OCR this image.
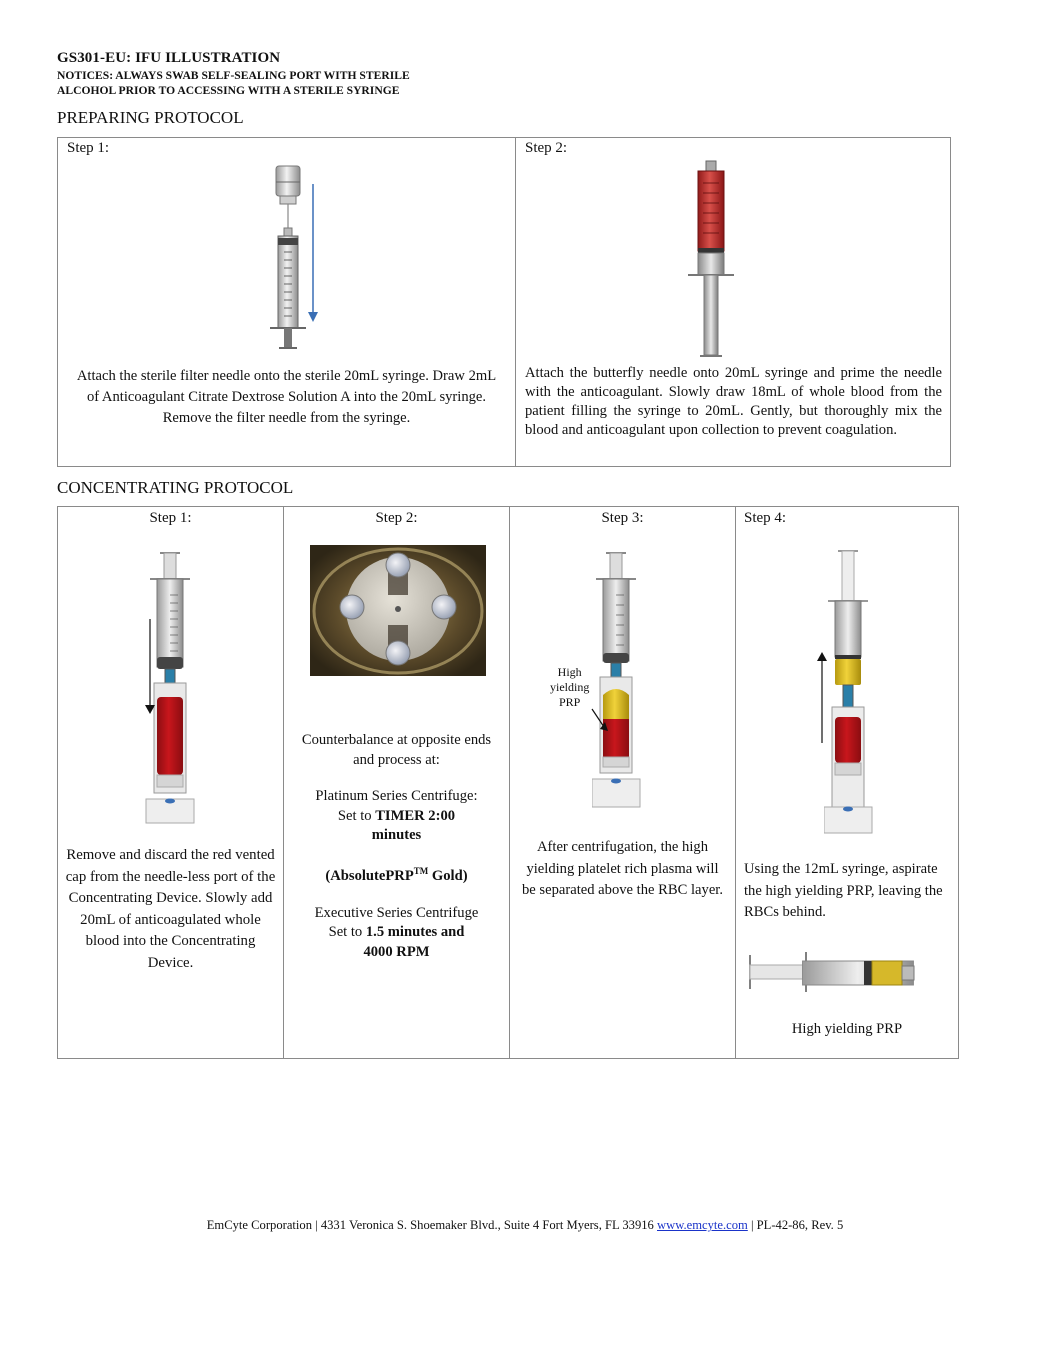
GS301-EU: IFU ILLUSTRATION
NOTICES: ALWAYS SWAB SELF-SEALING PORT WITH STERILE
ALCOHOL PRIOR TO ACCESSING WITH A STERILE SYRINGE
PREPARING PROTOCOL
Step 1:
Attach the sterile filter needle onto the sterile 20mL syringe. Draw 2mL of Anticoagulant Citrate Dextrose Solution A into the 20mL syringe. Remove the filter needle from the syringe.

Step 2:
Attach the butterfly needle onto 20mL syringe and prime the needle with the anticoagulant. Slowly draw 18mL of whole blood from the patient filling the syringe to 20mL. Gently, but thoroughly mix the blood and anticoagulant upon collection to prevent coagulation.
CONCENTRATING PROTOCOL
Step 1:
Remove and discard the red vented cap from the needle-less port of the Concentrating Device. Slowly add 20mL of anticoagulated whole blood into the Concentrating Device.

Step 2:
Counterbalance at opposite ends and process at:
Platinum Series Centrifuge:
Set to TIMER 2:00
minutes
(AbsolutePRP™ Gold)
Executive Series Centrifuge
Set to 1.5 minutes and
4000 RPM

Step 3:
High
yielding
PRP
After centrifugation, the high yielding platelet rich plasma will be separated above the RBC layer.

Step 4:
Using the 12mL syringe, aspirate the high yielding PRP, leaving the RBCs behind.
High yielding PRP
EmCyte Corporation | 4331 Veronica S. Shoemaker Blvd., Suite 4 Fort Myers, FL 33916 www.emcyte.com | PL-42-86, Rev. 5
